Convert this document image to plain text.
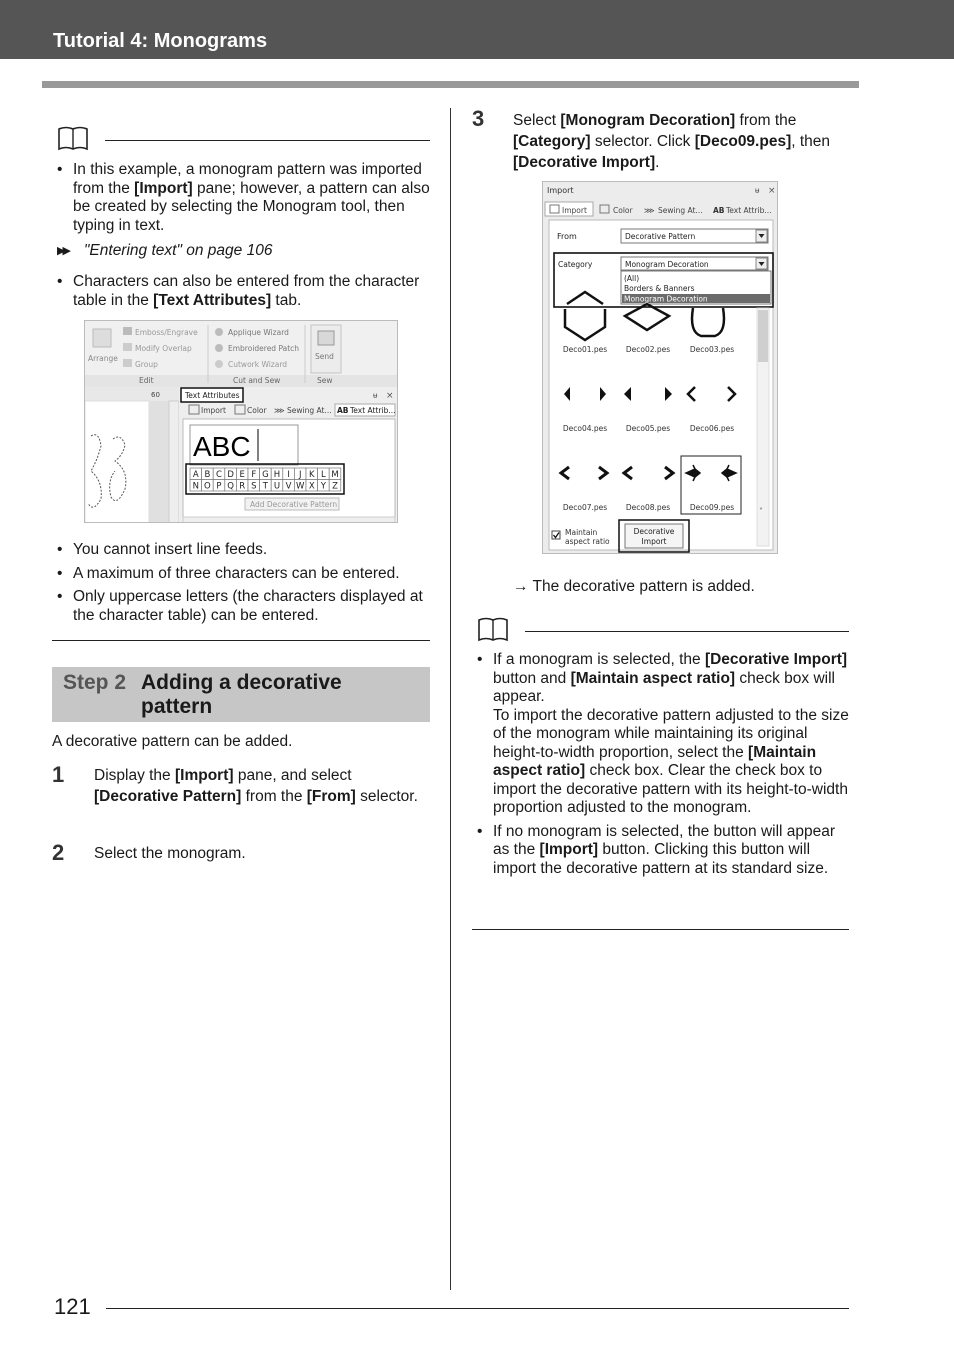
Tutorial 4: Monograms
• In this example, a monogram pattern was imported from the [Import] pane; however, a pattern can also be created by selecting the Monogram tool, then typing in text.
▶▶ "Entering text" on page 106
• Characters can also be entered from the character table in the [Text Attributes] tab.
Arrange
Emboss/Engrave
Modify Overlap
Group
Edit
Applique Wizard
Embroidered Patch
Cutwork Wizard
Cut and Sew
Send
Sew
60	Text Attributes	ᵾ ×
Import	Color ⋙ Sewing At... AB Text Attrib...
ABC
A B C D E F G H I J K L M
N O P Q R S T U V W X Y Z
Add Decorative Pattern
• You cannot insert line feeds.
• A maximum of three characters can be entered.
• Only uppercase letters (the characters displayed at the character table) can be entered.
Step 2 Adding a decorative pattern
A decorative pattern can be added.
1 Display the [Import] pane, and select [Decorative Pattern] from the [From] selector.
2 Select the monogram.
3 Select [Monogram Decoration] from the [Category] selector. Click [Deco09.pes], then [Decorative Import].
Import	ᵾ ×
Import	Color ⋙ Sewing At... AB Text Attrib...
From	Decorative Pattern
Category	Monogram Decoration
(All)
Borders & Banners
Monogram Decoration
˅
Deco01.pes Deco02.pes	Deco03.pes
Deco04.pes Deco05.pes	Deco06.pes
Deco07.pes Deco08.pes	Deco09.pes
Maintain aspect ratio
Decorative Import
→ The decorative pattern is added.
• If a monogram is selected, the [Decorative Import] button and [Maintain aspect ratio] check box will appear.
To import the decorative pattern adjusted to the size of the monogram while maintaining its original height-to-width proportion, select the [Maintain aspect ratio] check box. Clear the check box to import the decorative pattern with its height-to-width proportion adjusted to the monogram.
• If no monogram is selected, the button will appear as the [Import] button. Clicking this button will import the decorative pattern at its standard size.
121
